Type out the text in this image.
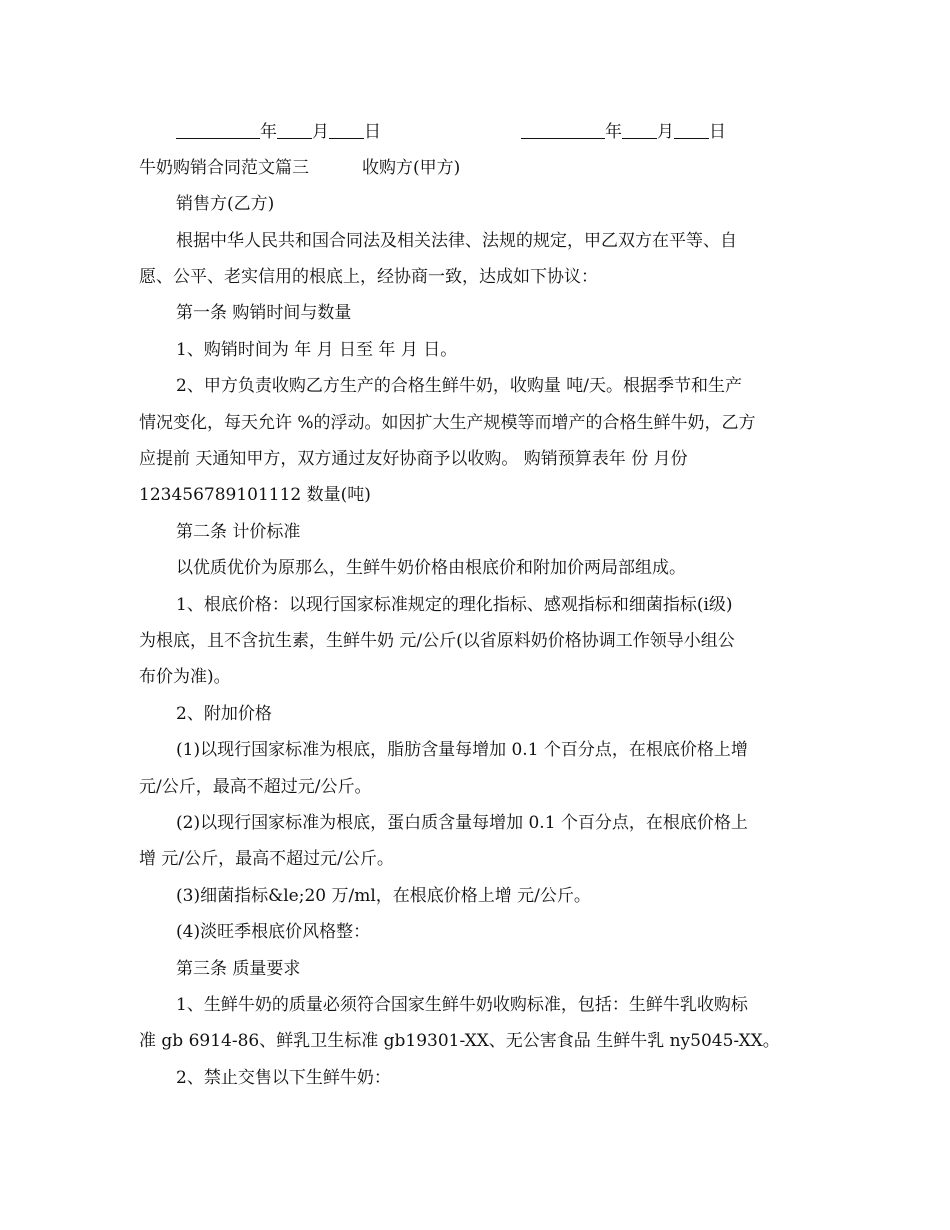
年 月 日	年 月 日
牛奶购销合同范文篇三	收购方(甲方)
销售方(乙方)
根据中华人民共和国合同法及相关法律、法规的规定，甲乙双方在平等、自
愿、公平、老实信用的根底上，经协商一致，达成如下协议：
第一条 购销时间与数量
1、购销时间为 年 月 日至 年 月 日。
2、甲方负责收购乙方生产的合格生鲜牛奶，收购量 吨/天。根据季节和生产
情况变化，每天允许 %的浮动。如因扩大生产规模等而增产的合格生鲜牛奶，乙方
应提前 天通知甲方，双方通过友好协商予以收购。 购销预算表年 份 月份
123456789101112 数量(吨)
第二条 计价标准
以优质优价为原那么，生鲜牛奶价格由根底价和附加价两局部组成。
1、根底价格：以现行国家标准规定的理化指标、感观指标和细菌指标(ⅰ级)
为根底，且不含抗生素，生鲜牛奶 元/公斤(以省原料奶价格协调工作领导小组公
布价为准)。
2、附加价格
(1)以现行国家标准为根底，脂肪含量每增加 0.1 个百分点，在根底价格上增
元/公斤，最高不超过元/公斤。
(2)以现行国家标准为根底，蛋白质含量每增加 0.1 个百分点，在根底价格上
增 元/公斤，最高不超过元/公斤。
(3)细菌指标&le;20 万/ml，在根底价格上增 元/公斤。
(4)淡旺季根底价风格整：
第三条 质量要求
1、生鲜牛奶的质量必须符合国家生鲜牛奶收购标准，包括：生鲜牛乳收购标
准 gb 6914-86、鲜乳卫生标准 gb19301-XX、无公害食品 生鲜牛乳 ny5045-XX。
2、禁止交售以下生鲜牛奶：
